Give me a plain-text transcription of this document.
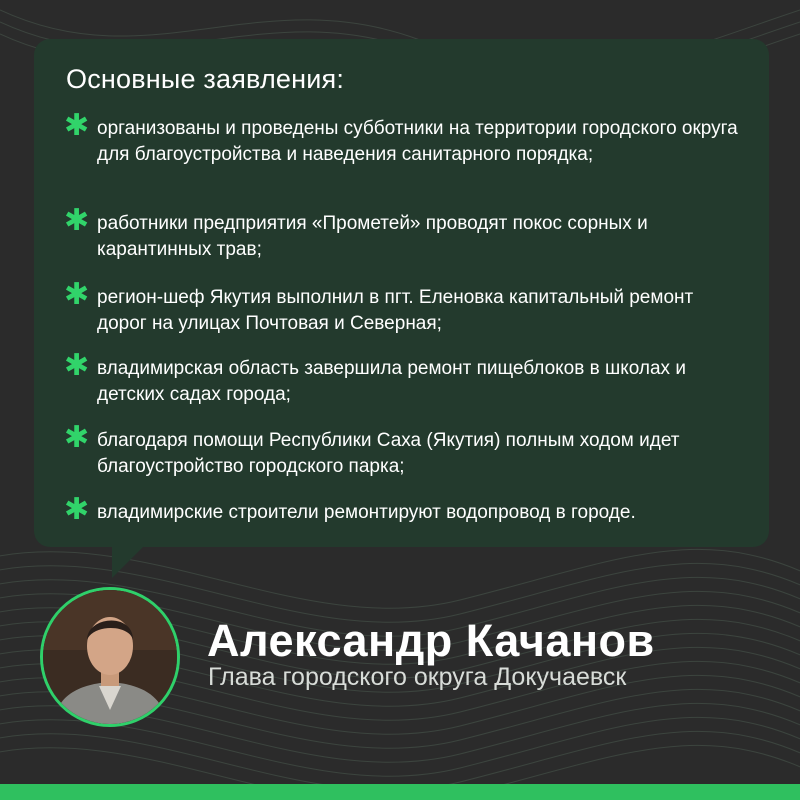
Основные заявления:
✱ организованы и проведены субботники на территории городского округа для благоустройства и наведения санитарного порядка;
✱ работники предприятия «Прометей» проводят покос сорных и карантинных трав;
✱ регион-шеф Якутия выполнил в пгт. Еленовка капитальный ремонт дорог на улицах Почтовая и Северная;
✱ владимирская область завершила ремонт пищеблоков в школах и детских садах города;
✱ благодаря помощи Республики Саха (Якутия) полным ходом идет благоустройство городского парка;
✱ владимирские строители ремонтируют водопровод в городе.
Александр Качанов
Глава городского округа Докучаевск
